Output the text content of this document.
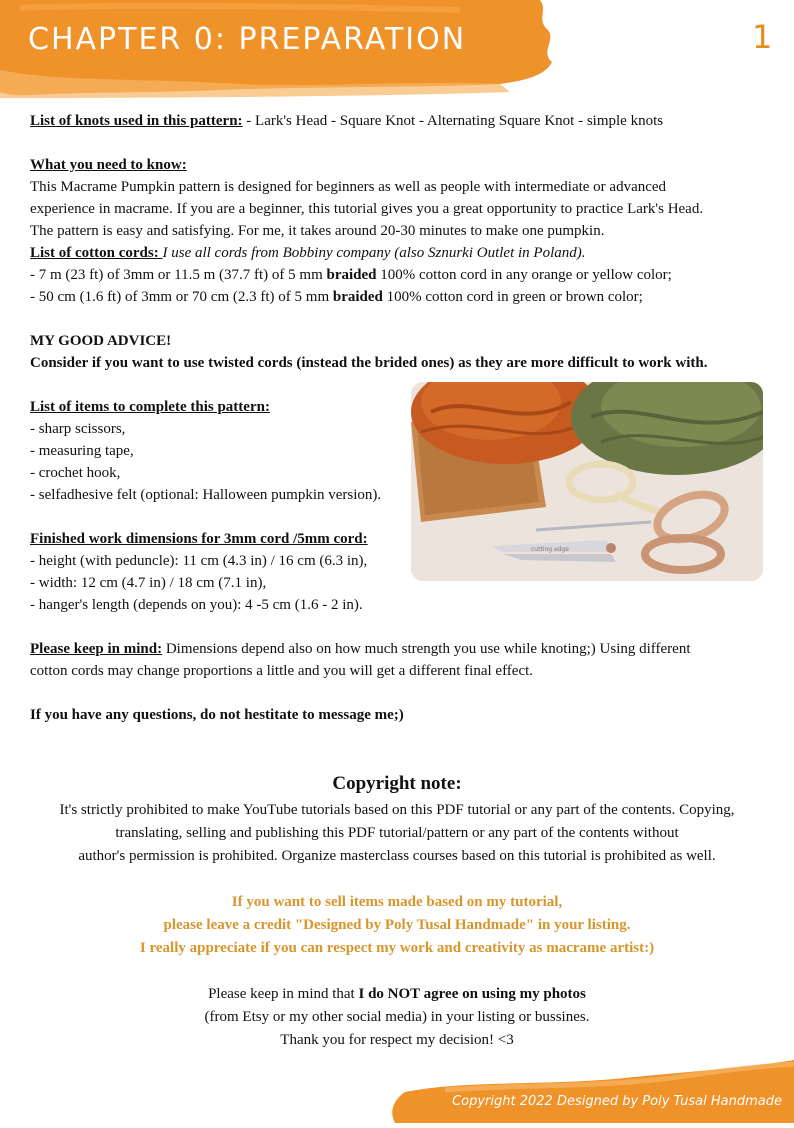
CHAPTER 0: PREPARATION	1

List of knots used in this pattern: - Lark's Head - Square Knot - Alternating Square Knot - simple knots

What you need to know:

This Macrame Pumpkin pattern is designed for beginners as well as people with intermediate or advanced

experience in macrame. If you are a beginner, this tutorial gives you a great opportunity to practice Lark's Head.

The pattern is easy and satisfying. For me, it takes around 20-30 minutes to make one pumpkin.

List of cotton cords: I use all cords from Bobbiny company (also Sznurki Outlet in Poland).

- 7 m (23 ft) of 3mm or 11.5 m (37.7 ft) of 5 mm braided 100% cotton cord in any orange or yellow color;

- 50 cm (1.6 ft) of 3mm or 70 cm (2.3 ft) of 5 mm braided 100% cotton cord in green or brown color;

MY GOOD ADVICE!

Consider if you want to use twisted cords (instead the brided ones) as they are more difficult to work with.

List of items to complete this pattern:

- sharp scissors,

- measuring tape,

- crochet hook,

- selfadhesive felt (optional: Halloween pumpkin version).

Finished work dimensions for 3mm cord /5mm cord:

- height (with peduncle): 11 cm (4.3 in) / 16 cm (6.3 in),

- width: 12 cm (4.7 in) / 18 cm (7.1 in),

- hanger's length (depends on you): 4 -5 cm (1.6 - 2 in).

Please keep in mind: Dimensions depend also on how much strength you use while knoting;) Using different

cotton cords may change proportions a little and you will get a different final effect.

If you have any questions, do not hestitate to message me;)

cutting edge
Copyright note:
It's strictly prohibited to make YouTube tutorials based on this PDF tutorial or any part of the contents. Copying,
translating, selling and publishing this PDF tutorial/pattern or any part of the contents without
author's permission is prohibited. Organize masterclass courses based on this tutorial is prohibited as well.
If you want to sell items made based on my tutorial,
please leave a credit "Designed by Poly Tusal Handmade" in your listing.
I really appreciate if you can respect my work and creativity as macrame artist:)
Please keep in mind that I do NOT agree on using my photos
(from Etsy or my other social media) in your listing or bussines.
Thank you for respect my decision! <3
Copyright 2022 Designed by Poly Tusal Handmade
